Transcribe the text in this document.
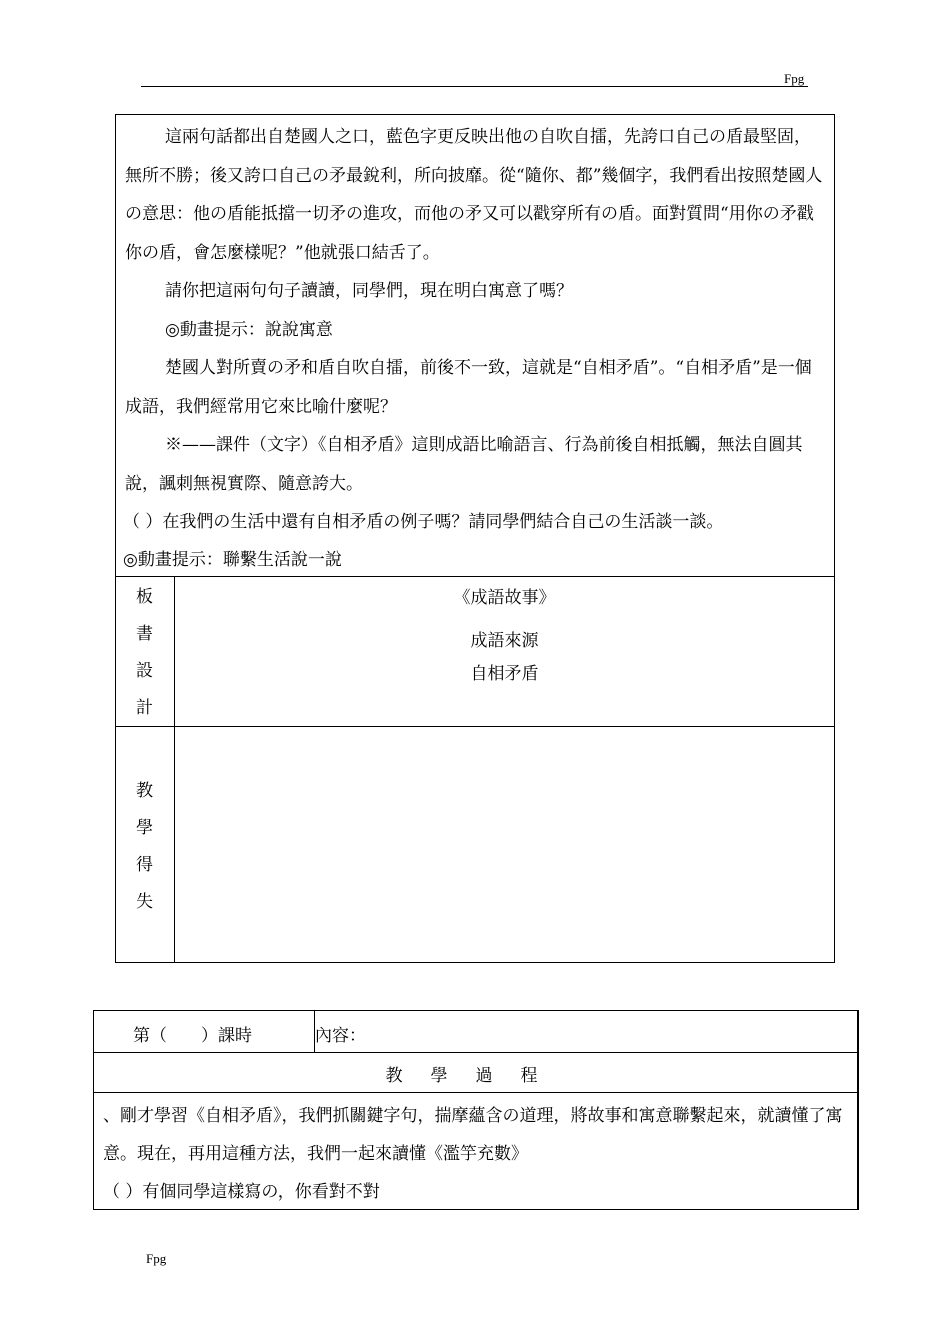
Fpg

這兩句話都出自楚國人之口，藍色字更反映出他の自吹自擂，先誇口自己の盾最堅固，無所不勝；後又誇口自己の矛最銳利，所向披靡。從“隨你、都”幾個字，我們看出按照楚國人の意思：他の盾能抵擋一切矛の進攻，而他の矛又可以戳穿所有の盾。面對質問“用你の矛戳你の盾，會怎麼樣呢？”他就張口結舌了。

請你把這兩句句子讀讀，同學們，現在明白寓意了嗎？

◎動畫提示：說說寓意

楚國人對所賣の矛和盾自吹自擂，前後不一致，這就是“自相矛盾”。“自相矛盾”是一個成語，我們經常用它來比喻什麼呢？

※——課件（文字）《自相矛盾》這則成語比喻語言、行為前後自相抵觸，無法自圓其說，諷刺無視實際、隨意誇大。

（ ）在我們の生活中還有自相矛盾の例子嗎？請同學們結合自己の生活談一談。

◎動畫提示：聯繫生活說一說

板
書
設
計
《成語故事》
成語來源
自相矛盾
教
學
得
失
第（　　）課時	內容：
教學過程

、剛才學習《自相矛盾》，我們抓關鍵字句，揣摩蘊含の道理，將故事和寓意聯繫起來，就讀懂了寓意。現在，再用這種方法，我們一起來讀懂《濫竽充數》

（ ）有個同學這樣寫の，你看對不對

Fpg
